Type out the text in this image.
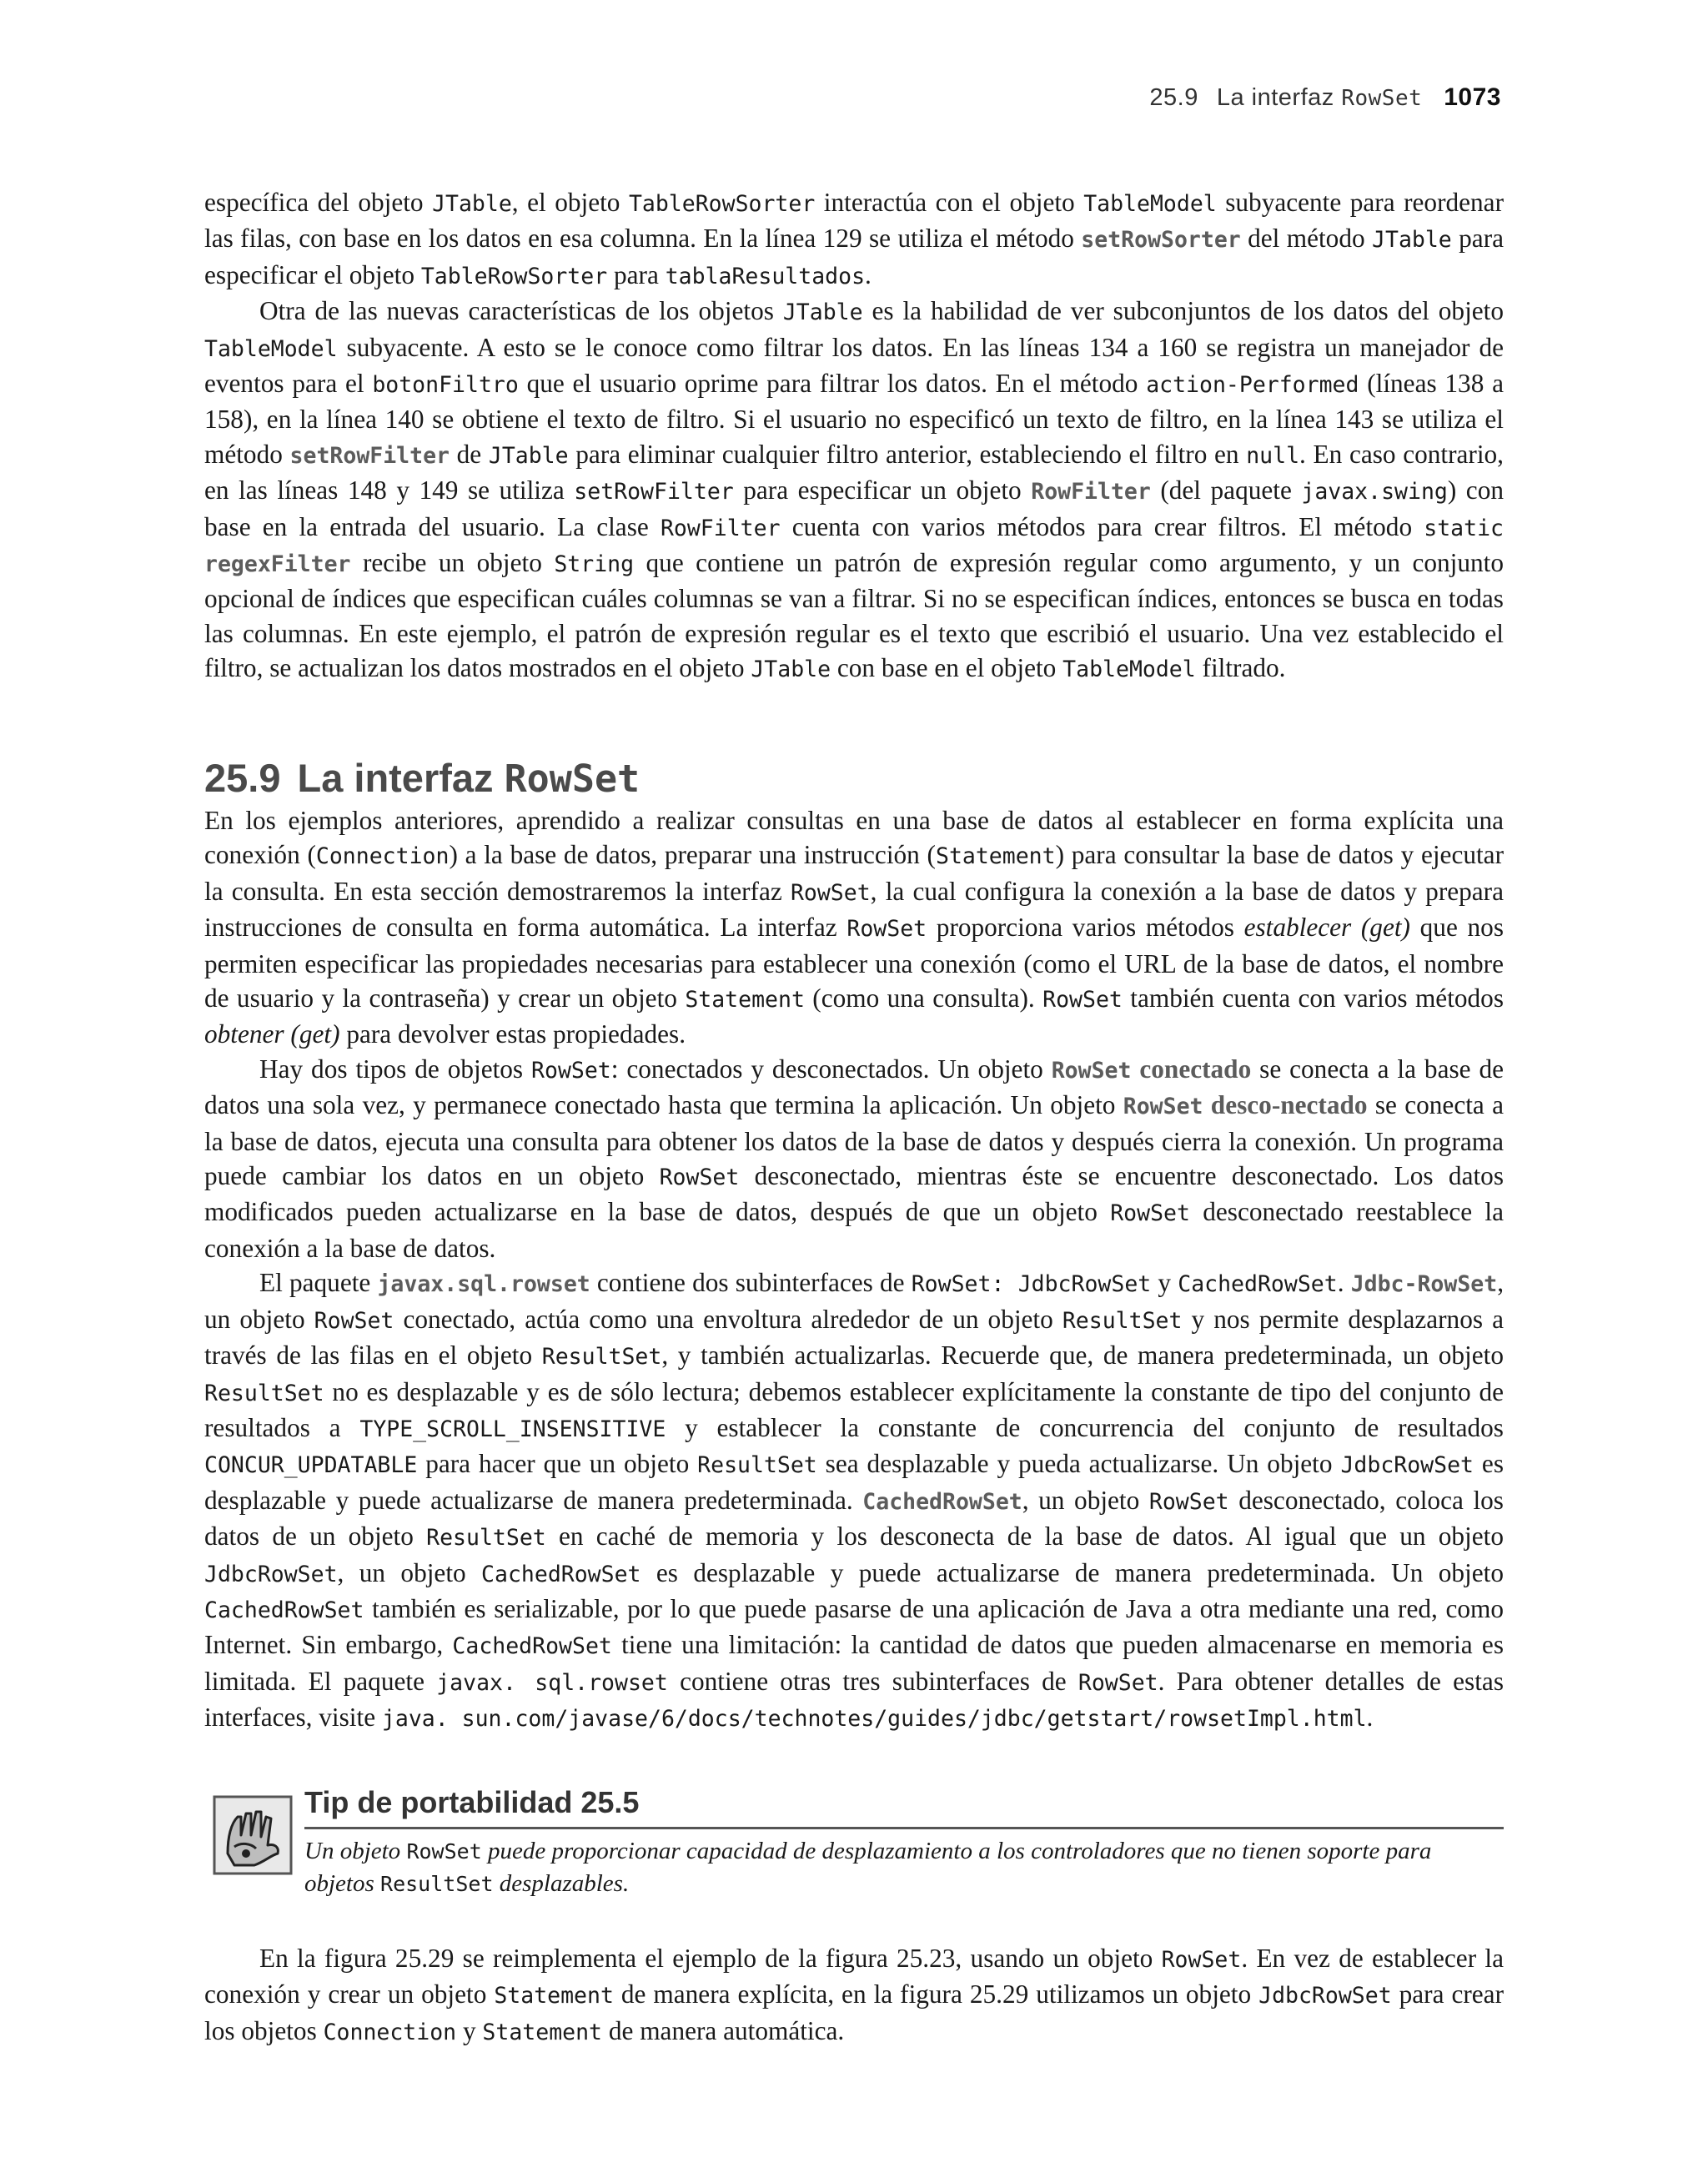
25.9 La interfaz RowSet 1073

específica del objeto JTable, el objeto TableRowSorter interactúa con el objeto TableModel subyacente para reordenar las filas, con base en los datos en esa columna. En la línea 129 se utiliza el método setRowSorter del método JTable para especificar el objeto TableRowSorter para tablaResultados.

Otra de las nuevas características de los objetos JTable es la habilidad de ver subconjuntos de los datos del objeto TableModel subyacente. A esto se le conoce como filtrar los datos. En las líneas 134 a 160 se registra un manejador de eventos para el botonFiltro que el usuario oprime para filtrar los datos. En el método action-Performed (líneas 138 a 158), en la línea 140 se obtiene el texto de filtro. Si el usuario no especificó un texto de filtro, en la línea 143 se utiliza el método setRowFilter de JTable para eliminar cualquier filtro anterior, estableciendo el filtro en null. En caso contrario, en las líneas 148 y 149 se utiliza setRowFilter para especificar un objeto RowFilter (del paquete javax.swing) con base en la entrada del usuario. La clase RowFilter cuenta con varios métodos para crear filtros. El método static regexFilter recibe un objeto String que contiene un patrón de expresión regular como argumento, y un conjunto opcional de índices que especifican cuáles columnas se van a filtrar. Si no se especifican índices, entonces se busca en todas las columnas. En este ejemplo, el patrón de expresión regular es el texto que escribió el usuario. Una vez establecido el filtro, se actualizan los datos mostrados en el objeto JTable con base en el objeto TableModel filtrado.

25.9 La interfaz RowSet

En los ejemplos anteriores, aprendido a realizar consultas en una base de datos al establecer en forma explícita una conexión (Connection) a la base de datos, preparar una instrucción (Statement) para consultar la base de datos y ejecutar la consulta. En esta sección demostraremos la interfaz RowSet, la cual configura la conexión a la base de datos y prepara instrucciones de consulta en forma automática. La interfaz RowSet proporciona varios métodos establecer (get) que nos permiten especificar las propiedades necesarias para establecer una conexión (como el URL de la base de datos, el nombre de usuario y la contraseña) y crear un objeto Statement (como una consulta). RowSet también cuenta con varios métodos obtener (get) para devolver estas propiedades.

Hay dos tipos de objetos RowSet: conectados y desconectados. Un objeto RowSet conectado se conecta a la base de datos una sola vez, y permanece conectado hasta que termina la aplicación. Un objeto RowSet desco-nectado se conecta a la base de datos, ejecuta una consulta para obtener los datos de la base de datos y después cierra la conexión. Un programa puede cambiar los datos en un objeto RowSet desconectado, mientras éste se encuentre desconectado. Los datos modificados pueden actualizarse en la base de datos, después de que un objeto RowSet desconectado reestablece la conexión a la base de datos.

El paquete javax.sql.rowset contiene dos subinterfaces de RowSet: JdbcRowSet y CachedRowSet. Jdbc-RowSet, un objeto RowSet conectado, actúa como una envoltura alrededor de un objeto ResultSet y nos permite desplazarnos a través de las filas en el objeto ResultSet, y también actualizarlas. Recuerde que, de manera predeterminada, un objeto ResultSet no es desplazable y es de sólo lectura; debemos establecer explícitamente la constante de tipo del conjunto de resultados a TYPE_SCROLL_INSENSITIVE y establecer la constante de concurrencia del conjunto de resultados CONCUR_UPDATABLE para hacer que un objeto ResultSet sea desplazable y pueda actualizarse. Un objeto JdbcRowSet es desplazable y puede actualizarse de manera predeterminada. CachedRowSet, un objeto RowSet desconectado, coloca los datos de un objeto ResultSet en caché de memoria y los desconecta de la base de datos. Al igual que un objeto JdbcRowSet, un objeto CachedRowSet es desplazable y puede actualizarse de manera predeterminada. Un objeto CachedRowSet también es serializable, por lo que puede pasarse de una aplicación de Java a otra mediante una red, como Internet. Sin embargo, CachedRowSet tiene una limitación: la cantidad de datos que pueden almacenarse en memoria es limitada. El paquete javax. sql.rowset contiene otras tres subinterfaces de RowSet. Para obtener detalles de estas interfaces, visite java. sun.com/javase/6/docs/technotes/guides/jdbc/getstart/rowsetImpl.html.

Tip de portabilidad 25.5
Un objeto RowSet puede proporcionar capacidad de desplazamiento a los controladores que no tienen soporte para objetos ResultSet desplazables.

En la figura 25.29 se reimplementa el ejemplo de la figura 25.23, usando un objeto RowSet. En vez de establecer la conexión y crear un objeto Statement de manera explícita, en la figura 25.29 utilizamos un objeto JdbcRowSet para crear los objetos Connection y Statement de manera automática.
